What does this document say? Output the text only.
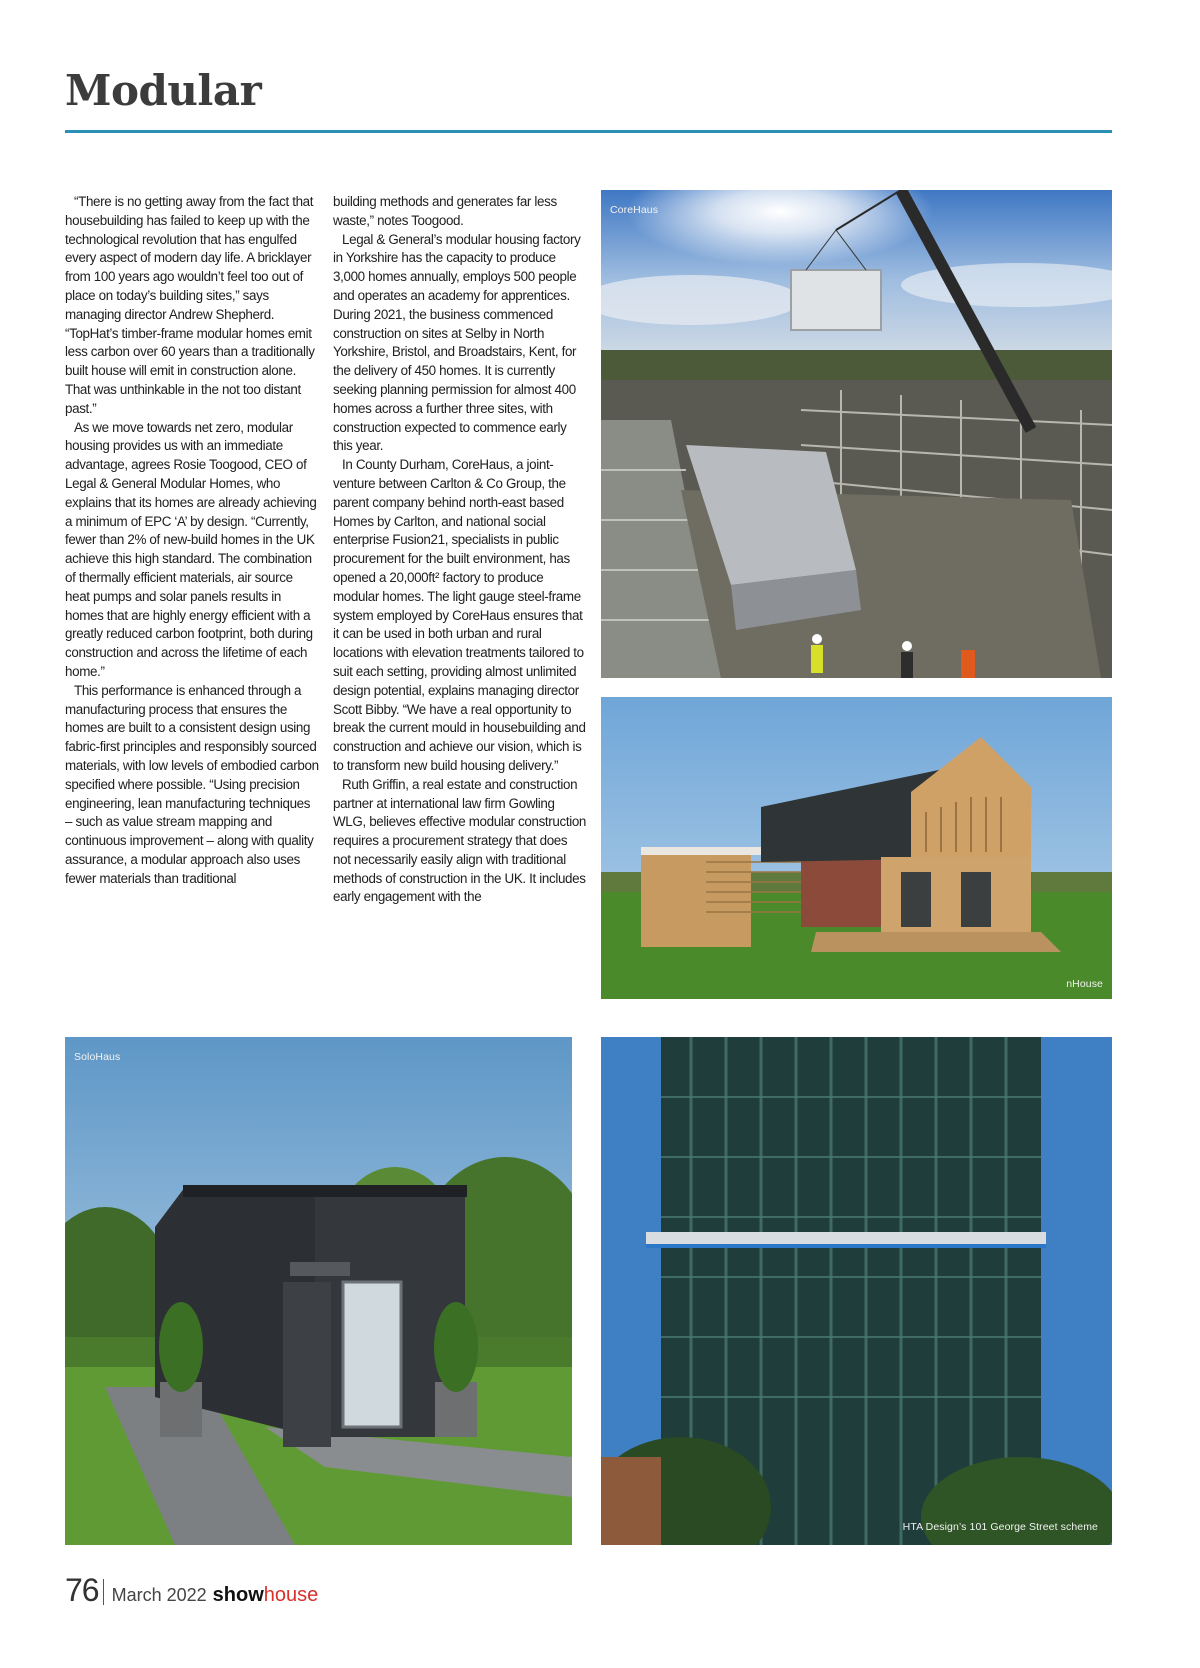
Modular

“There is no getting away from the fact that housebuilding has failed to keep up with the technological revolution that has engulfed every aspect of modern day life. A bricklayer from 100 years ago wouldn’t feel too out of place on today’s building sites,” says managing director Andrew Shepherd. “TopHat’s timber-frame modular homes emit less carbon over 60 years than a traditionally built house will emit in construction alone. That was unthinkable in the not too distant past.”

As we move towards net zero, modular housing provides us with an immediate advantage, agrees Rosie Toogood, CEO of Legal & General Modular Homes, who explains that its homes are already achieving a minimum of EPC ‘A’ by design. “Currently, fewer than 2% of new-build homes in the UK achieve this high standard. The combination of thermally efficient materials, air source heat pumps and solar panels results in homes that are highly energy efficient with a greatly reduced carbon footprint, both during construction and across the lifetime of each home.”

This performance is enhanced through a manufacturing process that ensures the homes are built to a consistent design using fabric-first principles and responsibly sourced materials, with low levels of embodied carbon specified where possible. “Using precision engineering, lean manufacturing techniques – such as value stream mapping and continuous improvement – along with quality assurance, a modular approach also uses fewer materials than traditional

building methods and generates far less waste,” notes Toogood.

Legal & General’s modular housing factory in Yorkshire has the capacity to produce 3,000 homes annually, employs 500 people and operates an academy for apprentices. During 2021, the business commenced construction on sites at Selby in North Yorkshire, Bristol, and Broadstairs, Kent, for the delivery of 450 homes. It is currently seeking planning permission for almost 400 homes across a further three sites, with construction expected to commence early this year.

In County Durham, CoreHaus, a joint-venture between Carlton & Co Group, the parent company behind north-east based Homes by Carlton, and national social enterprise Fusion21, specialists in public procurement for the built environment, has opened a 20,000ft² factory to produce modular homes. The light gauge steel-frame system employed by CoreHaus ensures that it can be used in both urban and rural locations with elevation treatments tailored to suit each setting, providing almost unlimited design potential, explains managing director Scott Bibby. “We have a real opportunity to break the current mould in housebuilding and construction and achieve our vision, which is to transform new build housing delivery.”

Ruth Griffin, a real estate and construction partner at international law firm Gowling WLG, believes effective modular construction requires a procurement strategy that does not necessarily easily align with traditional methods of construction in the UK. It includes early engagement with the

CoreHaus
nHouse
SoloHaus
HTA Design’s 101 George Street scheme
76 March 2022 show house
